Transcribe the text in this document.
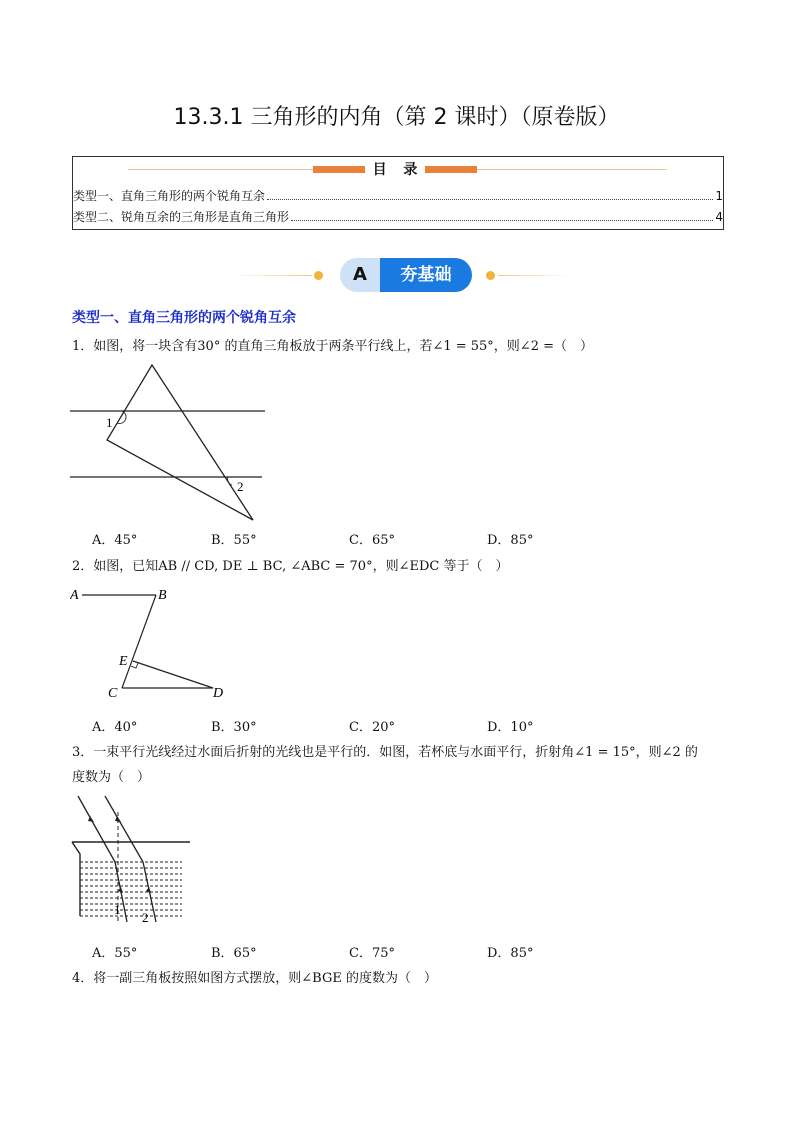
13.3.1 三角形的内角（第 2 课时）（原卷版）
目 录
类型一、直角三角形的两个锐角互余	1
类型二、锐角互余的三角形是直角三角形	4
A	夯基础
类型一、直角三角形的两个锐角互余
1．如图，将一块含有30° 的直角三角板放于两条平行线上，若∠1 = 55°，则∠2 =（　）
1
2
A．45°	B．55°	C．65°	D．85°
2．如图，已知AB // CD, DE ⊥ BC, ∠ABC = 70°，则∠EDC 等于（　）
A	B
E
C	D
A．40°	B．30°	C．20°	D．10°
3．一束平行光线经过水面后折射的光线也是平行的．如图，若杯底与水面平行，折射角∠1 = 15°，则∠2 的
度数为（　）
1
2
A．55°	B．65°	C．75°	D．85°
4．将一副三角板按照如图方式摆放，则∠BGE 的度数为（　）
